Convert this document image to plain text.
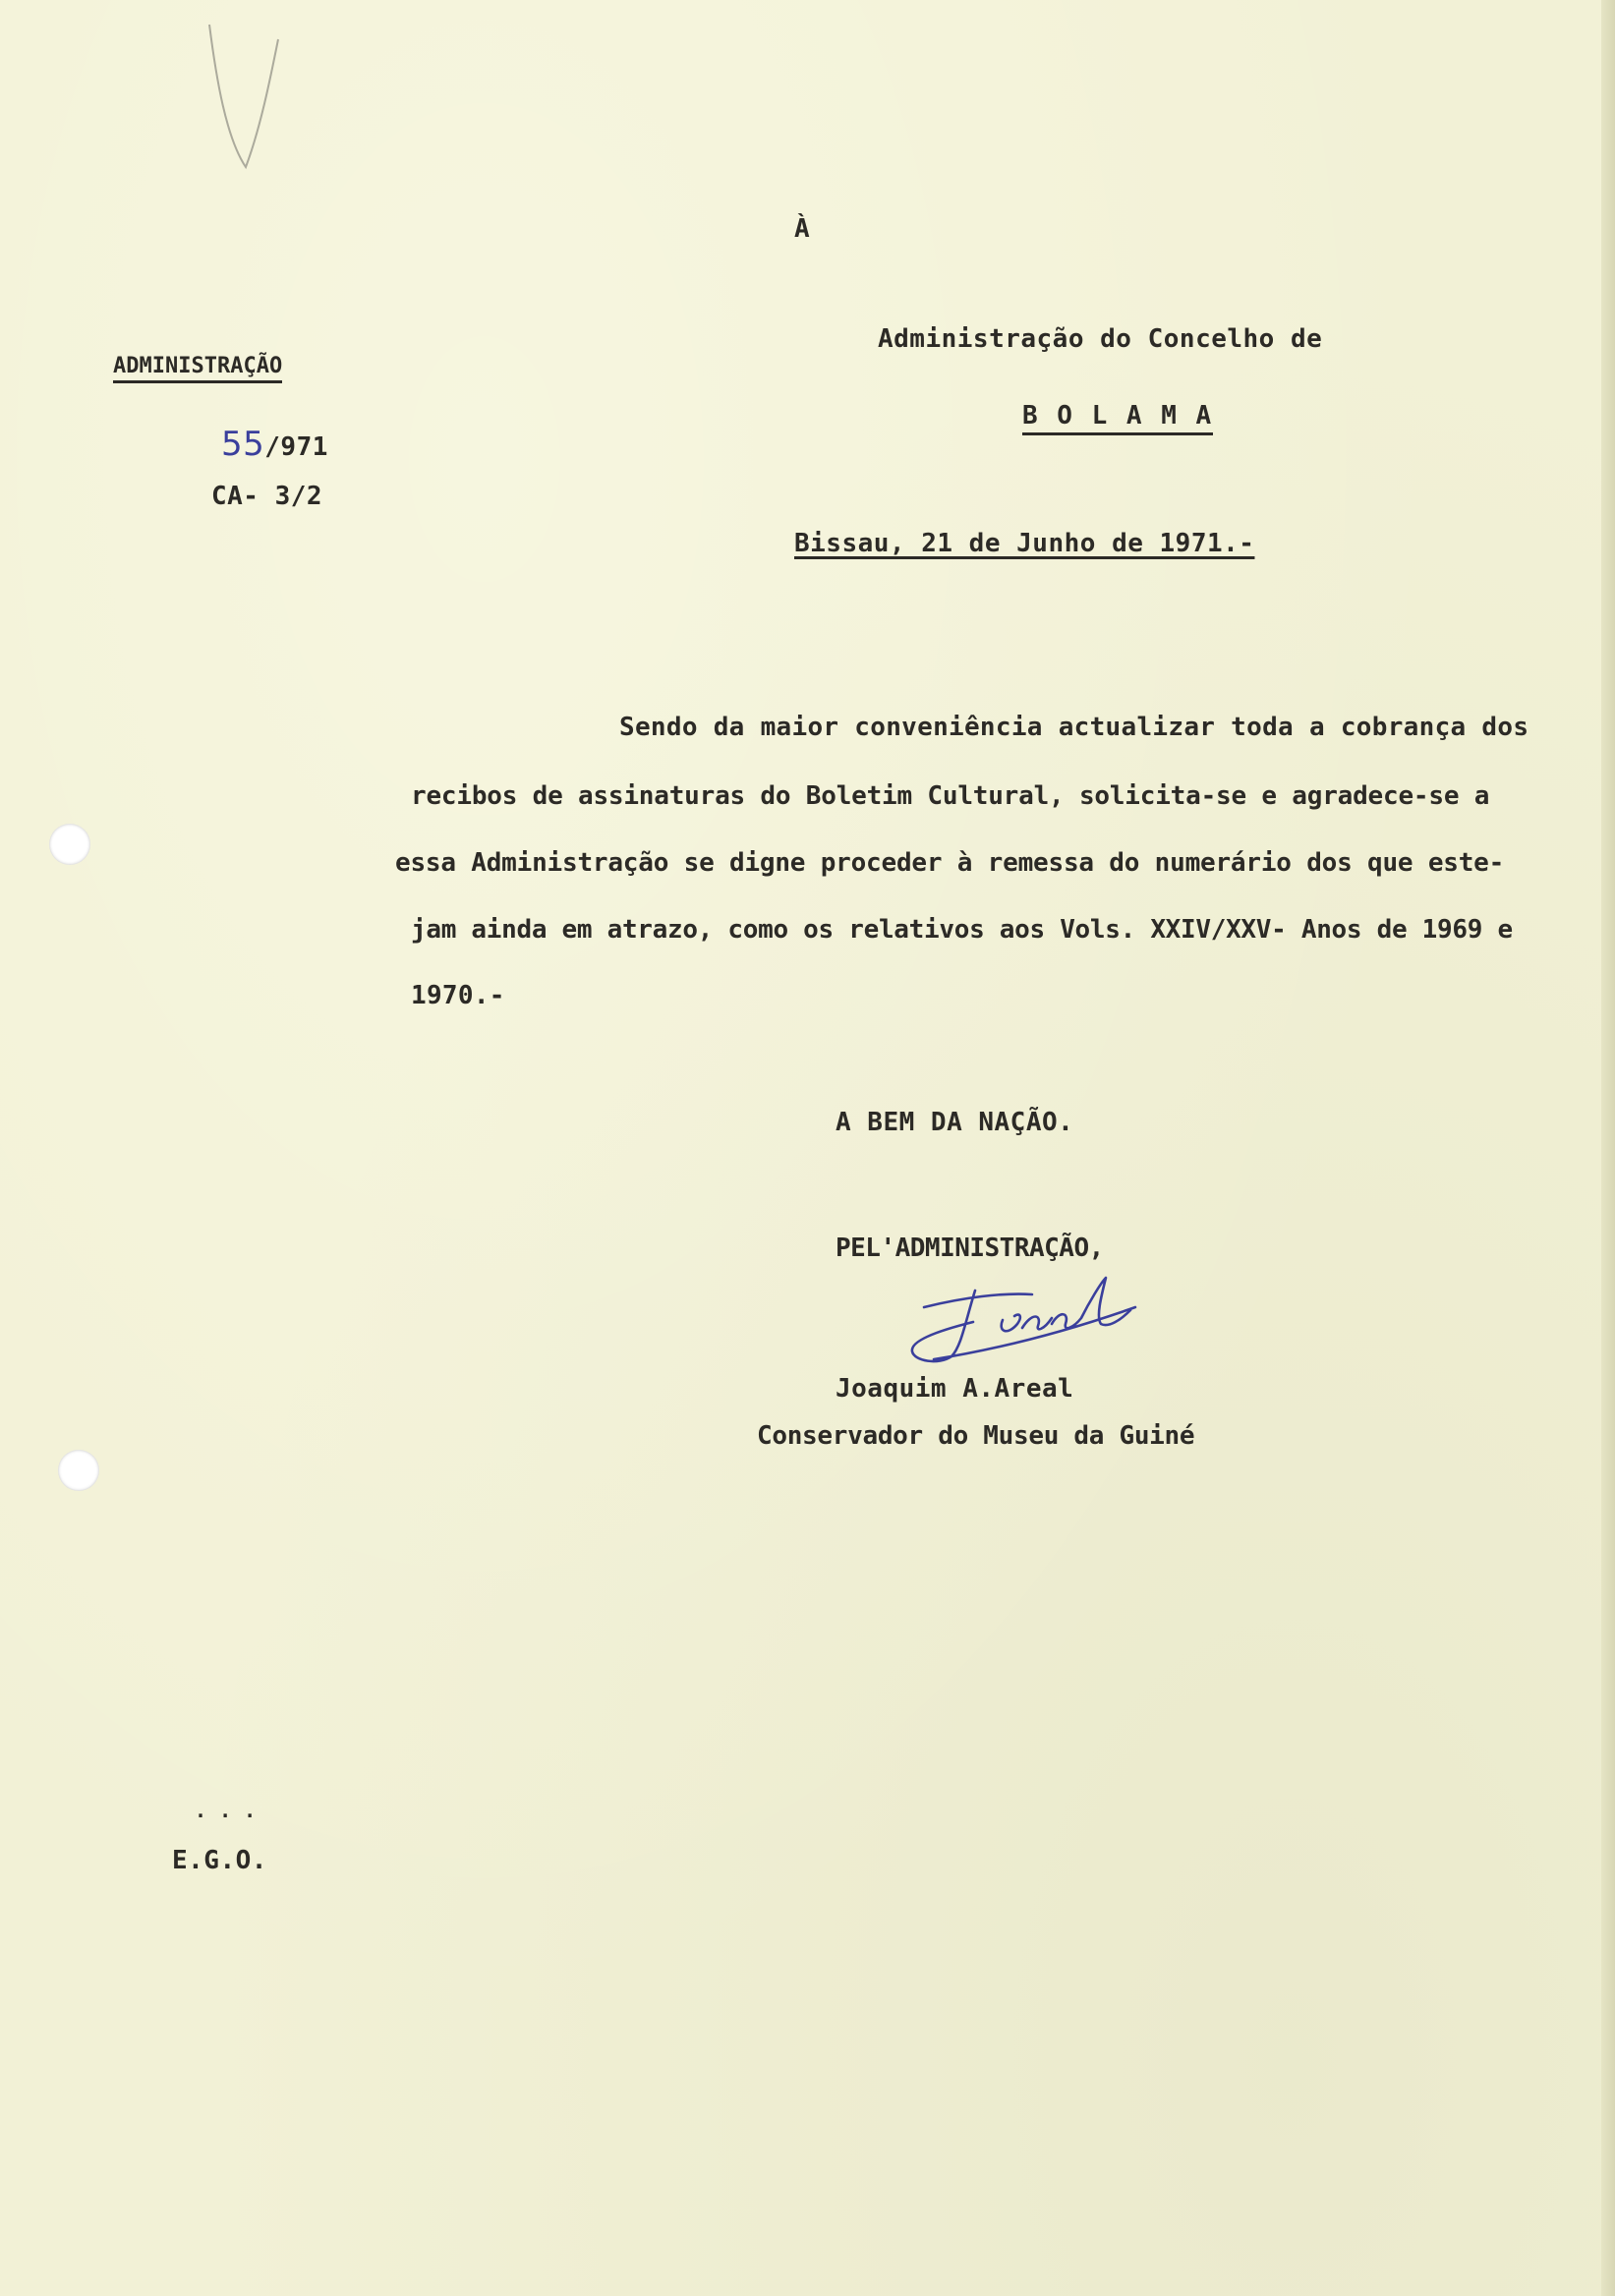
À
Administração do Concelho de
B O L A M A
ADMINISTRAÇÃO
55/971
CA- 3/2
Bissau, 21 de Junho de 1971.-
Sendo da maior conveniência actualizar toda a cobrança dos
recibos de assinaturas do Boletim Cultural, solicita-se e agradece-se a
essa Administração se digne proceder à remessa do numerário dos que este-
jam ainda em atrazo, como os relativos aos Vols. XXIV/XXV- Anos de 1969 e
1970.-
A BEM DA NAÇÃO.
PEL'ADMINISTRAÇÃO,
Joaquim A.Areal
Conservador do Museu da Guiné
. . .
E.G.O.
